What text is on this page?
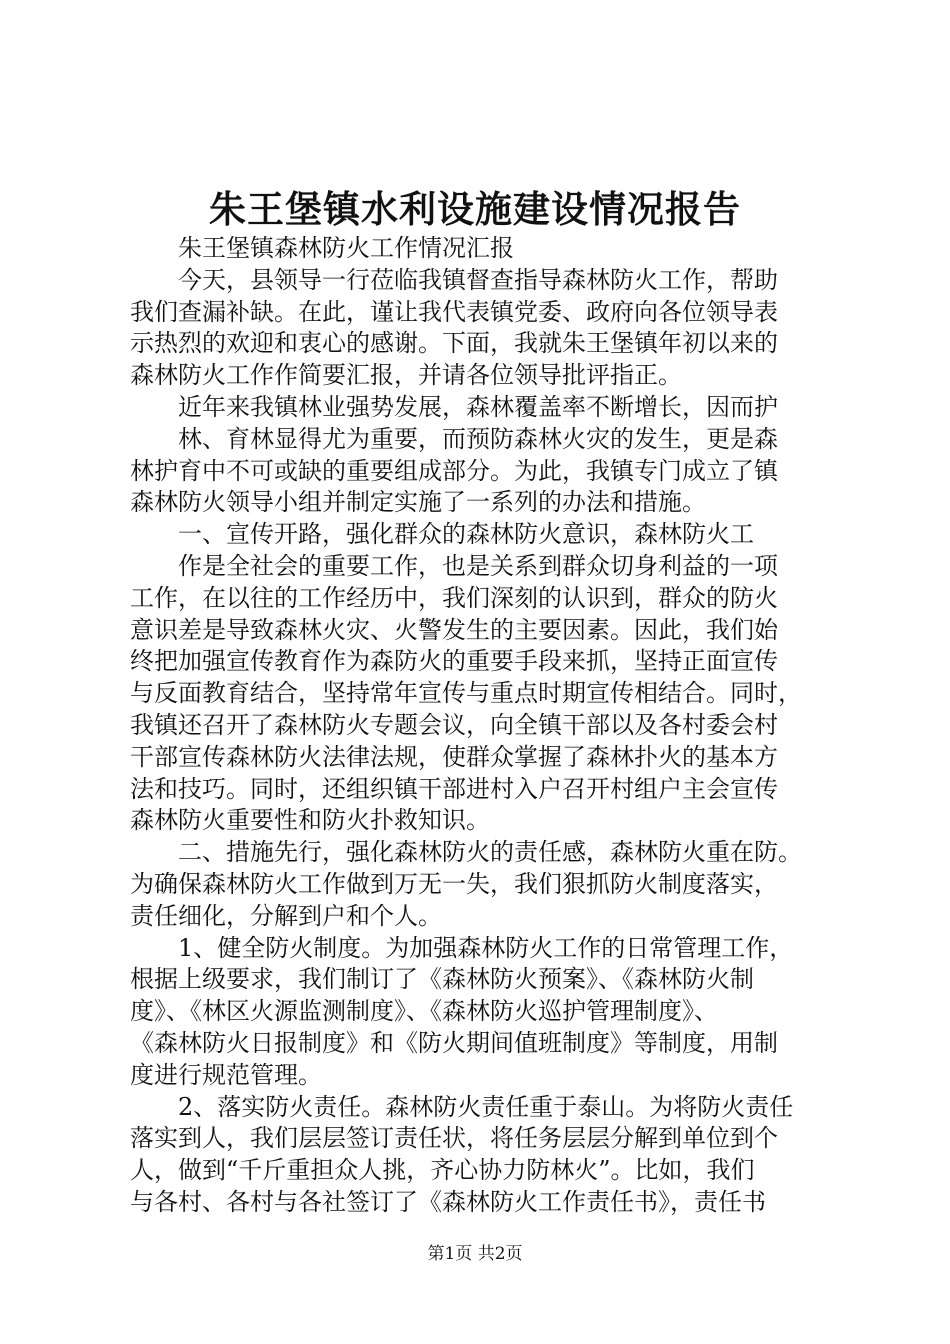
朱王堡镇水利设施建设情况报告
朱王堡镇森林防火工作情况汇报
今天，县领导一行莅临我镇督查指导森林防火工作，帮助
我们查漏补缺。在此，谨让我代表镇党委、政府向各位领导表
示热烈的欢迎和衷心的感谢。下面，我就朱王堡镇年初以来的
森林防火工作作简要汇报，并请各位领导批评指正。
近年来我镇林业强势发展，森林覆盖率不断增长，因而护
林、育林显得尤为重要，而预防森林火灾的发生，更是森
林护育中不可或缺的重要组成部分。为此，我镇专门成立了镇
森林防火领导小组并制定实施了一系列的办法和措施。
一、宣传开路，强化群众的森林防火意识，森林防火工
作是全社会的重要工作，也是关系到群众切身利益的一项
工作，在以往的工作经历中，我们深刻的认识到，群众的防火
意识差是导致森林火灾、火警发生的主要因素。因此，我们始
终把加强宣传教育作为森防火的重要手段来抓，坚持正面宣传
与反面教育结合，坚持常年宣传与重点时期宣传相结合。同时，
我镇还召开了森林防火专题会议，向全镇干部以及各村委会村
干部宣传森林防火法律法规，使群众掌握了森林扑火的基本方
法和技巧。同时，还组织镇干部进村入户召开村组户主会宣传
森林防火重要性和防火扑救知识。
二、措施先行，强化森林防火的责任感，森林防火重在防。
为确保森林防火工作做到万无一失，我们狠抓防火制度落实，
责任细化，分解到户和个人。
1、健全防火制度。为加强森林防火工作的日常管理工作，
根据上级要求，我们制订了《森林防火预案》、《森林防火制
度》、《林区火源监测制度》、《森林防火巡护管理制度》、
《森林防火日报制度》和《防火期间值班制度》等制度，用制
度进行规范管理。
2、落实防火责任。森林防火责任重于泰山。为将防火责任
落实到人，我们层层签订责任状，将任务层层分解到单位到个
人，做到“千斤重担众人挑，齐心协力防林火”。比如，我们
与各村、各村与各社签订了《森林防火工作责任书》，责任书
第1页 共2页
